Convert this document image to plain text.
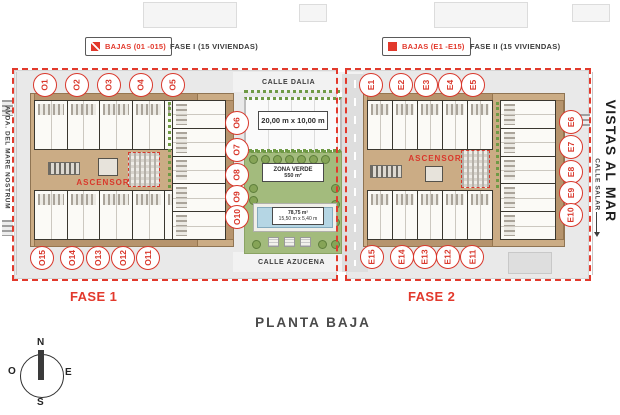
BAJAS (01 -015) FASE I (15 VIVIENDAS)	BAJAS (E1 -E15) FASE II (15 VIVIENDAS)
20,00 m x 10,00 m
ZONA VERDE
550 m²
78,75 m²
15,50 m x 5,40 m
ASCENSOR
ASCENSOR
CALLE DALIA
CALLE AZUCENA
AVDA. DEL MARE NOSTRUM	CALLE SALAR VISTAS AL MAR
O1	O2	O3	O4	O5
O6
O7
O8
O9
O10
O15 O14 O13 O12 O11
E1 E2 E3 E4 E5
E6
E7
E8
E9
E10
E15 E14 E13 E12 E11
FASE 1	FASE 2
PLANTA BAJA
N
S
E
O
